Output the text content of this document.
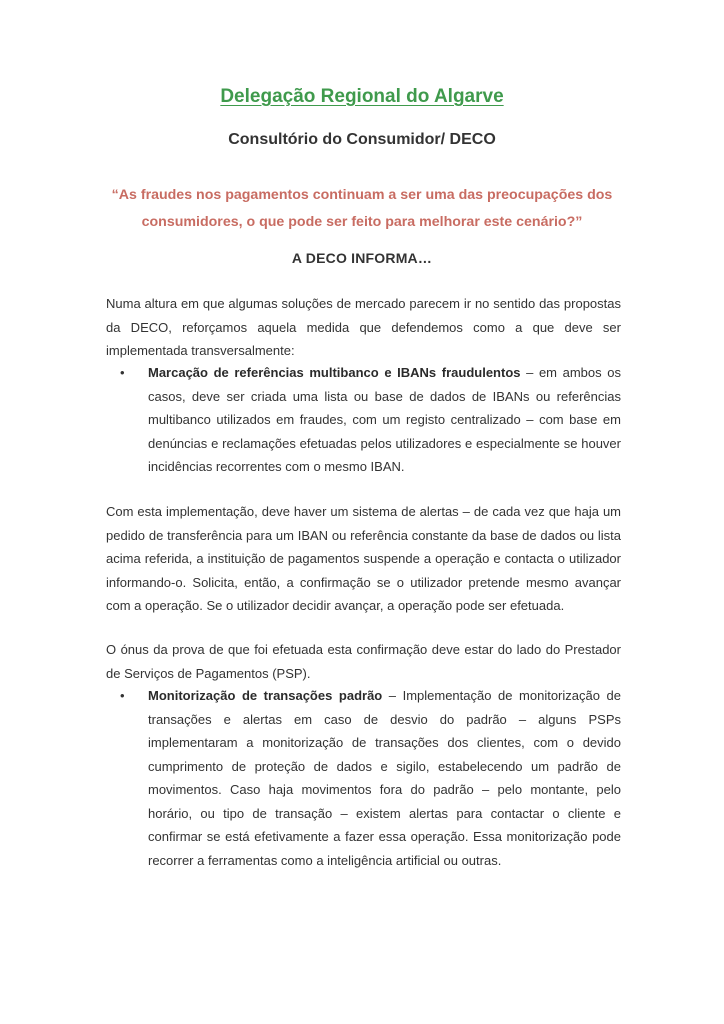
Delegação Regional do Algarve
Consultório do Consumidor/ DECO
“As fraudes nos pagamentos continuam a ser uma das preocupações dos consumidores, o que pode ser feito para melhorar este cenário?”
A DECO INFORMA…
Numa altura em que algumas soluções de mercado parecem ir no sentido das propostas da DECO, reforçamos aquela medida que defendemos como a que deve ser implementada transversalmente:
•	Marcação de referências multibanco e IBANs fraudulentos – em ambos os casos, deve ser criada uma lista ou base de dados de IBANs ou referências multibanco utilizados em fraudes, com um registo centralizado – com base em denúncias e reclamações efetuadas pelos utilizadores e especialmente se houver incidências recorrentes com o mesmo IBAN.
Com esta implementação, deve haver um sistema de alertas – de cada vez que haja um pedido de transferência para um IBAN ou referência constante da base de dados ou lista acima referida, a instituição de pagamentos suspende a operação e contacta o utilizador informando-o. Solicita, então, a confirmação se o utilizador pretende mesmo avançar com a operação. Se o utilizador decidir avançar, a operação pode ser efetuada.
O ónus da prova de que foi efetuada esta confirmação deve estar do lado do Prestador de Serviços de Pagamentos (PSP).
•	Monitorização de transações padrão – Implementação de monitorização de transações e alertas em caso de desvio do padrão – alguns PSPs implementaram a monitorização de transações dos clientes, com o devido cumprimento de proteção de dados e sigilo, estabelecendo um padrão de movimentos. Caso haja movimentos fora do padrão – pelo montante, pelo horário, ou tipo de transação – existem alertas para contactar o cliente e confirmar se está efetivamente a fazer essa operação. Essa monitorização pode recorrer a ferramentas como a inteligência artificial ou outras.
